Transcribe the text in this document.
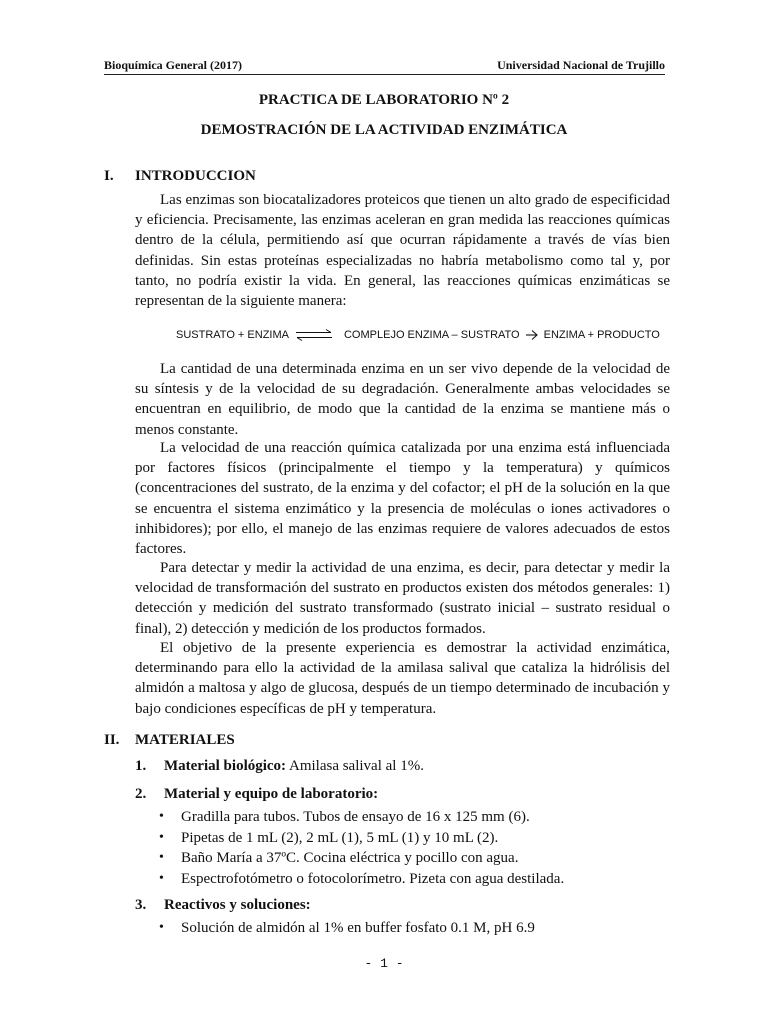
Bioquímica General (2017)	Universidad Nacional de Trujillo
PRACTICA DE LABORATORIO Nº 2
DEMOSTRACIÓN DE LA ACTIVIDAD ENZIMÁTICA
I. INTRODUCCION

Las enzimas son biocatalizadores proteicos que tienen un alto grado de especificidad y eficiencia. Precisamente, las enzimas aceleran en gran medida las reacciones químicas dentro de la célula, permitiendo así que ocurran rápidamente a través de vías bien definidas. Sin estas proteínas especializadas no habría metabolismo como tal y, por tanto, no podría existir la vida. En general, las reacciones químicas enzimáticas se representan de la siguiente manera:

SUSTRATO + ENZIMA ⇌ COMPLEJO ENZIMA – SUSTRATO ENZIMA + PRODUCTO

La cantidad de una determinada enzima en un ser vivo depende de la velocidad de su síntesis y de la velocidad de su degradación. Generalmente ambas velocidades se encuentran en equilibrio, de modo que la cantidad de la enzima se mantiene más o menos constante.

La velocidad de una reacción química catalizada por una enzima está influenciada por factores físicos (principalmente el tiempo y la temperatura) y químicos (concentraciones del sustrato, de la enzima y del cofactor; el pH de la solución en la que se encuentra el sistema enzimático y la presencia de moléculas o iones activadores o inhibidores); por ello, el manejo de las enzimas requiere de valores adecuados de estos factores.

Para detectar y medir la actividad de una enzima, es decir, para detectar y medir la velocidad de transformación del sustrato en productos existen dos métodos generales: 1) detección y medición del sustrato transformado (sustrato inicial – sustrato residual o final), 2) detección y medición de los productos formados.

El objetivo de la presente experiencia es demostrar la actividad enzimática, determinando para ello la actividad de la amilasa salival que cataliza la hidrólisis del almidón a maltosa y algo de glucosa, después de un tiempo determinado de incubación y bajo condiciones específicas de pH y temperatura.

II. MATERIALES
1. Material biológico: Amilasa salival al 1%.
2. Material y equipo de laboratorio:
• Gradilla para tubos. Tubos de ensayo de 16 x 125 mm (6).
• Pipetas de 1 mL (2), 2 mL (1), 5 mL (1) y 10 mL (2).
• Baño María a 37ºC. Cocina eléctrica y pocillo con agua.
• Espectrofotómetro o fotocolorímetro. Pizeta con agua destilada.
3. Reactivos y soluciones:
• Solución de almidón al 1% en buffer fosfato 0.1 M, pH 6.9
- 1 -
